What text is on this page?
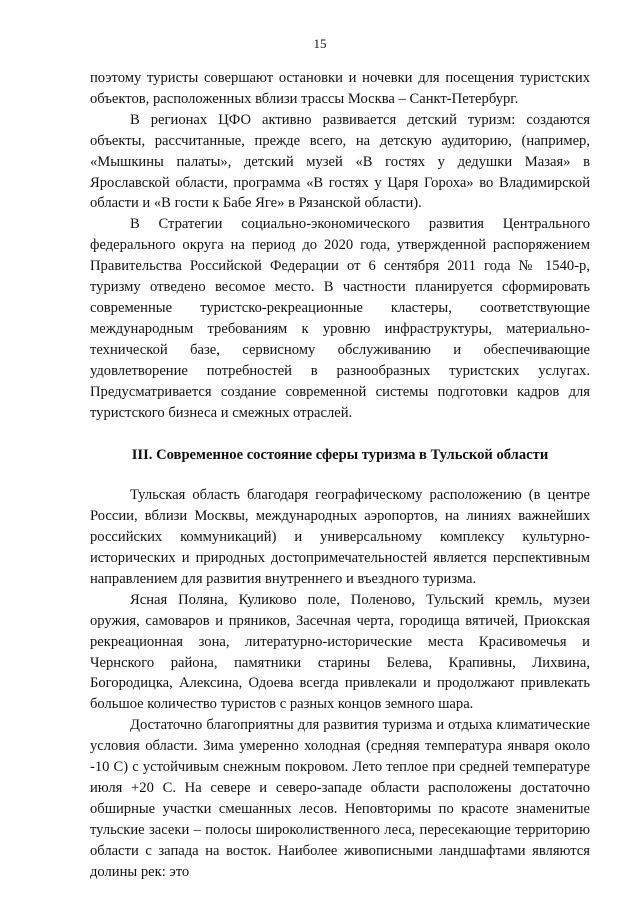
15

поэтому туристы совершают остановки и ночевки для посещения туристских объектов, расположенных вблизи трассы Москва – Санкт-Петербург.

В регионах ЦФО активно развивается детский туризм: создаются объекты, рассчитанные, прежде всего, на детскую аудиторию, (например, «Мышкины палаты», детский музей «В гостях у дедушки Мазая» в Ярославской области, программа «В гостях у Царя Гороха» во Владимирской области и «В гости к Бабе Яге» в Рязанской области).

В Стратегии социально-экономического развития Центрального федерального округа на период до 2020 года, утвержденной распоряжением Правительства Российской Федерации от 6 сентября 2011 года № 1540-р, туризму отведено весомое место. В частности планируется сформировать современные туристско-рекреационные кластеры, соответствующие международным требованиям к уровню инфраструктуры, материально-технической базе, сервисному обслуживанию и обеспечивающие удовлетворение потребностей в разнообразных туристских услугах. Предусматривается создание современной системы подготовки кадров для туристского бизнеса и смежных отраслей.

III. Современное состояние сферы туризма в Тульской области

Тульская область благодаря географическому расположению (в центре России, вблизи Москвы, международных аэропортов, на линиях важнейших российских коммуникаций) и универсальному комплексу культурно-исторических и природных достопримечательностей является перспективным направлением для развития внутреннего и въездного туризма.

Ясная Поляна, Куликово поле, Поленово, Тульский кремль, музеи оружия, самоваров и пряников, Засечная черта, городища вятичей, Приокская рекреационная зона, литературно-исторические места Красивомечья и Чернского района, памятники старины Белева, Крапивны, Лихвина, Богородицка, Алексина, Одоева всегда привлекали и продолжают привлекать большое количество туристов с разных концов земного шара.

Достаточно благоприятны для развития туризма и отдыха климатические условия области. Зима умеренно холодная (средняя температура января около -10 С) с устойчивым снежным покровом. Лето теплое при средней температуре июля +20 С. На севере и северо-западе области расположены достаточно обширные участки смешанных лесов. Неповторимы по красоте знаменитые тульские засеки – полосы широколиственного леса, пересекающие территорию области с запада на восток. Наиболее живописными ландшафтами являются долины рек: это
